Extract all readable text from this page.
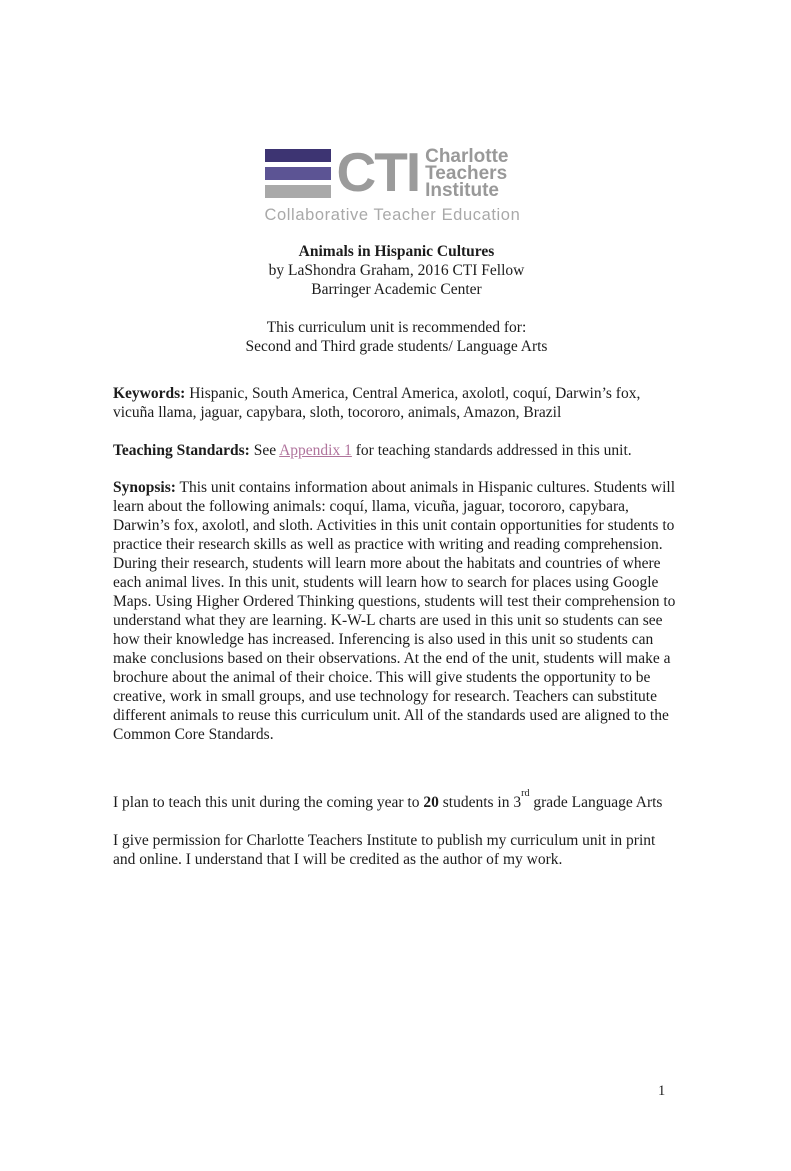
CTI Charlotte
Teachers
Institute
Collaborative Teacher Education
Animals in Hispanic Cultures
by LaShondra Graham, 2016 CTI Fellow
Barringer Academic Center
This curriculum unit is recommended for:
Second and Third grade students/ Language Arts

Keywords: Hispanic, South America, Central America, axolotl, coquí, Darwin’s fox, vicuña llama, jaguar, capybara, sloth, tocororo, animals, Amazon, Brazil

Teaching Standards: See Appendix 1 for teaching standards addressed in this unit.

Synopsis: This unit contains information about animals in Hispanic cultures. Students will learn about the following animals: coquí, llama, vicuña, jaguar, tocororo, capybara, Darwin’s fox, axolotl, and sloth. Activities in this unit contain opportunities for students to practice their research skills as well as practice with writing and reading comprehension. During their research, students will learn more about the habitats and countries of where each animal lives. In this unit, students will learn how to search for places using Google Maps. Using Higher Ordered Thinking questions, students will test their comprehension to understand what they are learning. K-W-L charts are used in this unit so students can see how their knowledge has increased. Inferencing is also used in this unit so students can make conclusions based on their observations. At the end of the unit, students will make a brochure about the animal of their choice. This will give students the opportunity to be creative, work in small groups, and use technology for research. Teachers can substitute different animals to reuse this curriculum unit. All of the standards used are aligned to the Common Core Standards.

I plan to teach this unit during the coming year to 20 students in 3rd grade Language Arts

I give permission for Charlotte Teachers Institute to publish my curriculum unit in print and online. I understand that I will be credited as the author of my work.

1
